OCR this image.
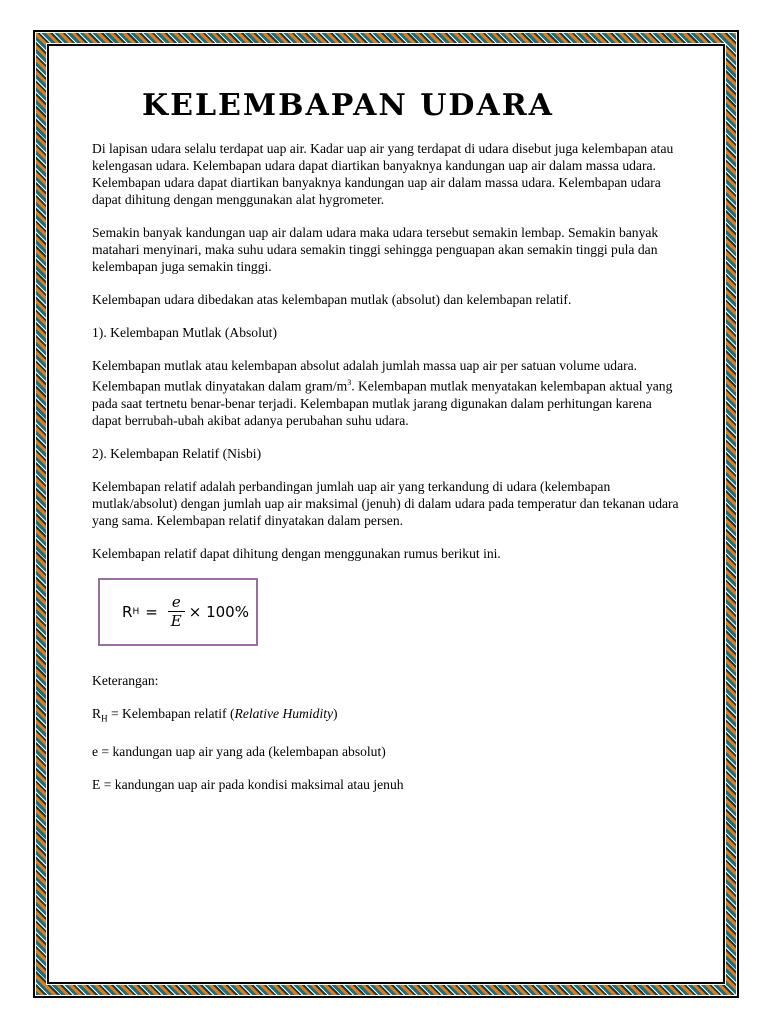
KELEMBAPAN UDARA

Di lapisan udara selalu terdapat uap air. Kadar uap air yang terdapat di udara disebut juga kelembapan atau kelengasan udara. Kelembapan udara dapat diartikan banyaknya kandungan uap air dalam massa udara. Kelembapan udara dapat diartikan banyaknya kandungan uap air dalam massa udara. Kelembapan udara dapat dihitung dengan menggunakan alat hygrometer.

Semakin banyak kandungan uap air dalam udara maka udara tersebut semakin lembap. Semakin banyak matahari menyinari, maka suhu udara semakin tinggi sehingga penguapan akan semakin tinggi pula dan kelembapan juga semakin tinggi.

Kelembapan udara dibedakan atas kelembapan mutlak (absolut) dan kelembapan relatif.

1). Kelembapan Mutlak (Absolut)

Kelembapan mutlak atau kelembapan absolut adalah jumlah massa uap air per satuan volume udara. Kelembapan mutlak dinyatakan dalam gram/$m^3$. Kelembapan mutlak menyatakan kelembapan aktual yang pada saat tertnetu benar-benar terjadi. Kelembapan mutlak jarang digunakan dalam perhitungan karena dapat berrubah-ubah akibat adanya perubahan suhu udara.

2). Kelembapan Relatif (Nisbi)

Kelembapan relatif adalah perbandingan jumlah uap air yang terkandung di udara (kelembapan mutlak/absolut) dengan jumlah uap air maksimal (jenuh) di dalam udara pada temperatur dan tekanan udara yang sama. Kelembapan relatif dinyatakan dalam persen.

Kelembapan relatif dapat dihitung dengan menggunakan rumus berikut ini.

R $H = \frac{e}{E} \times 100\%$

Keterangan:

$R_H$ = Kelembapan relatif (Relative Humidity)

e = kandungan uap air yang ada (kelembapan absolut)

E = kandungan uap air pada kondisi maksimal atau jenuh
